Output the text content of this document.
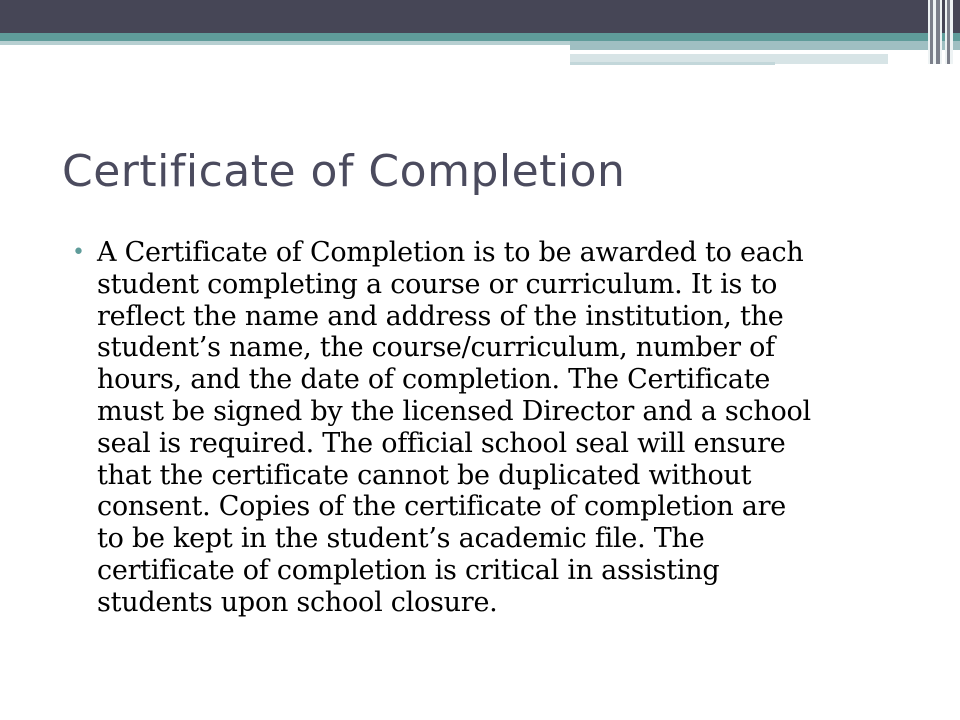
Certificate of Completion
• A Certificate of Completion is to be awarded to each
student completing a course or curriculum. It is to
reflect the name and address of the institution, the
student’s name, the course/curriculum, number of
hours, and the date of completion. The Certificate
must be signed by the licensed Director and a school
seal is required. The official school seal will ensure
that the certificate cannot be duplicated without
consent. Copies of the certificate of completion are
to be kept in the student’s academic file. The
certificate of completion is critical in assisting
students upon school closure.
